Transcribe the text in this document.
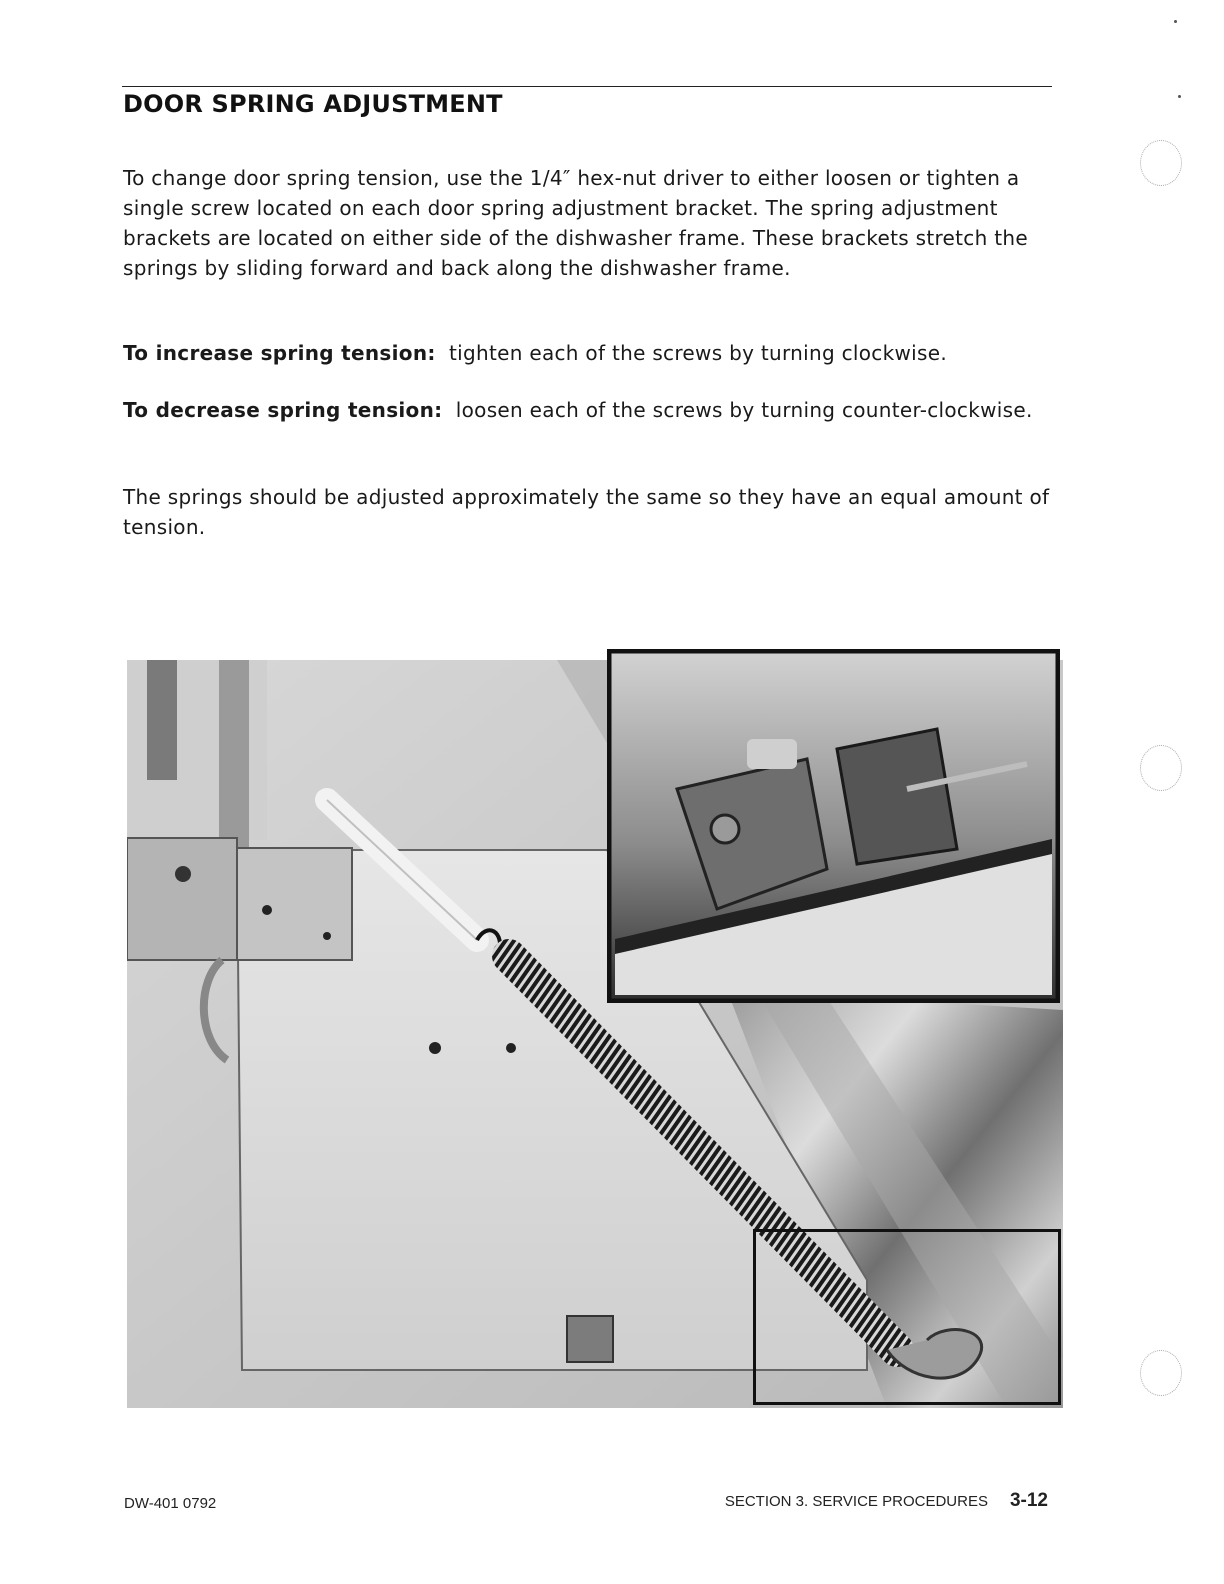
DOOR SPRING ADJUSTMENT
To change door spring tension, use the 1/4″ hex-nut driver to either loosen or tighten a single screw located on each door spring adjustment bracket. The spring adjustment brackets are located on either side of the dishwasher frame. These brackets stretch the springs by sliding forward and back along the dishwasher frame.
To increase spring tension: tighten each of the screws by turning clockwise.
To decrease spring tension: loosen each of the screws by turning counter-clockwise.
The springs should be adjusted approximately the same so they have an equal amount of tension.
DW-401 0792	SECTION 3. SERVICE PROCEDURES 3-12
